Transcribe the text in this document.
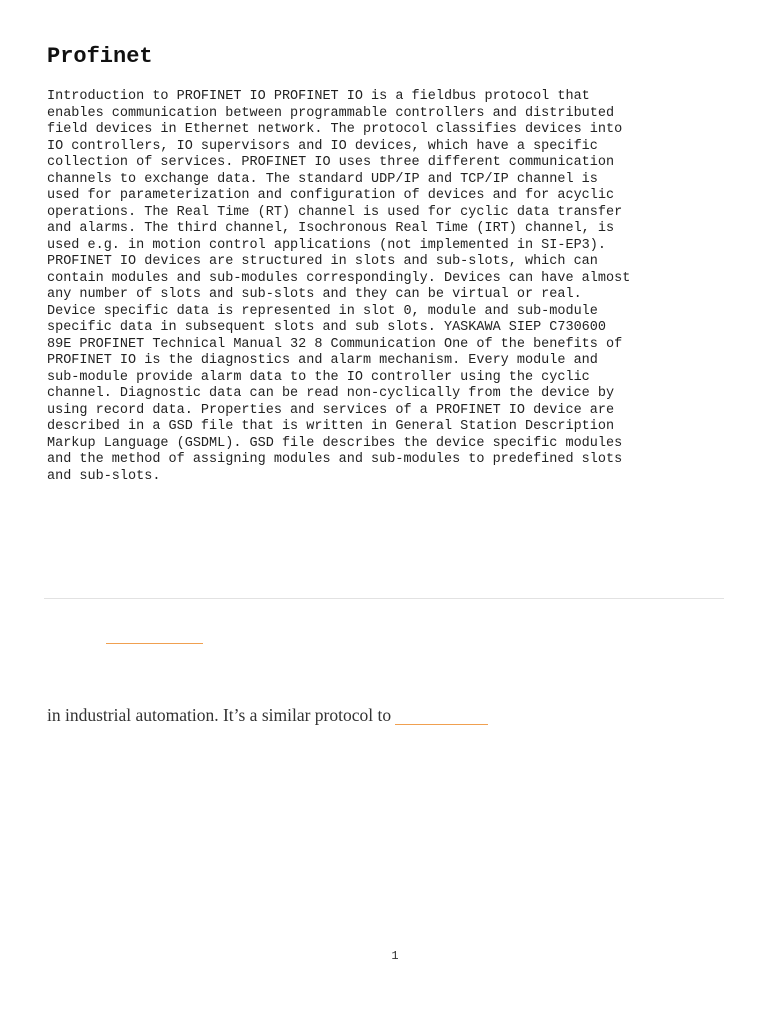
Profinet

Introduction to PROFINET IO PROFINET IO is a fieldbus protocol that
enables communication between programmable controllers and distributed
field devices in Ethernet network. The protocol classifies devices into
IO controllers, IO supervisors and IO devices, which have a specific
collection of services. PROFINET IO uses three different communication
channels to exchange data. The standard UDP/IP and TCP/IP channel is
used for parameterization and configuration of devices and for acyclic
operations. The Real Time (RT) channel is used for cyclic data transfer
and alarms. The third channel, Isochronous Real Time (IRT) channel, is
used e.g. in motion control applications (not implemented in SI-EP3).
PROFINET IO devices are structured in slots and sub-slots, which can
contain modules and sub-modules correspondingly. Devices can have almost
any number of slots and sub-slots and they can be virtual or real.
Device specific data is represented in slot 0, module and sub-module
specific data in subsequent slots and sub slots. YASKAWA SIEP C730600
89E PROFINET Technical Manual 32 8 Communication One of the benefits of
PROFINET IO is the diagnostics and alarm mechanism. Every module and
sub-module provide alarm data to the IO controller using the cyclic
channel. Diagnostic data can be read non-cyclically from the device by
using record data. Properties and services of a PROFINET IO device are
described in a GSD file that is written in General Station Description
Markup Language (GSDML). GSD file describes the device specific modules
and the method of assigning modules and sub-modules to predefined slots
and sub-slots.

in industrial automation. It’s a similar protocol to

1
